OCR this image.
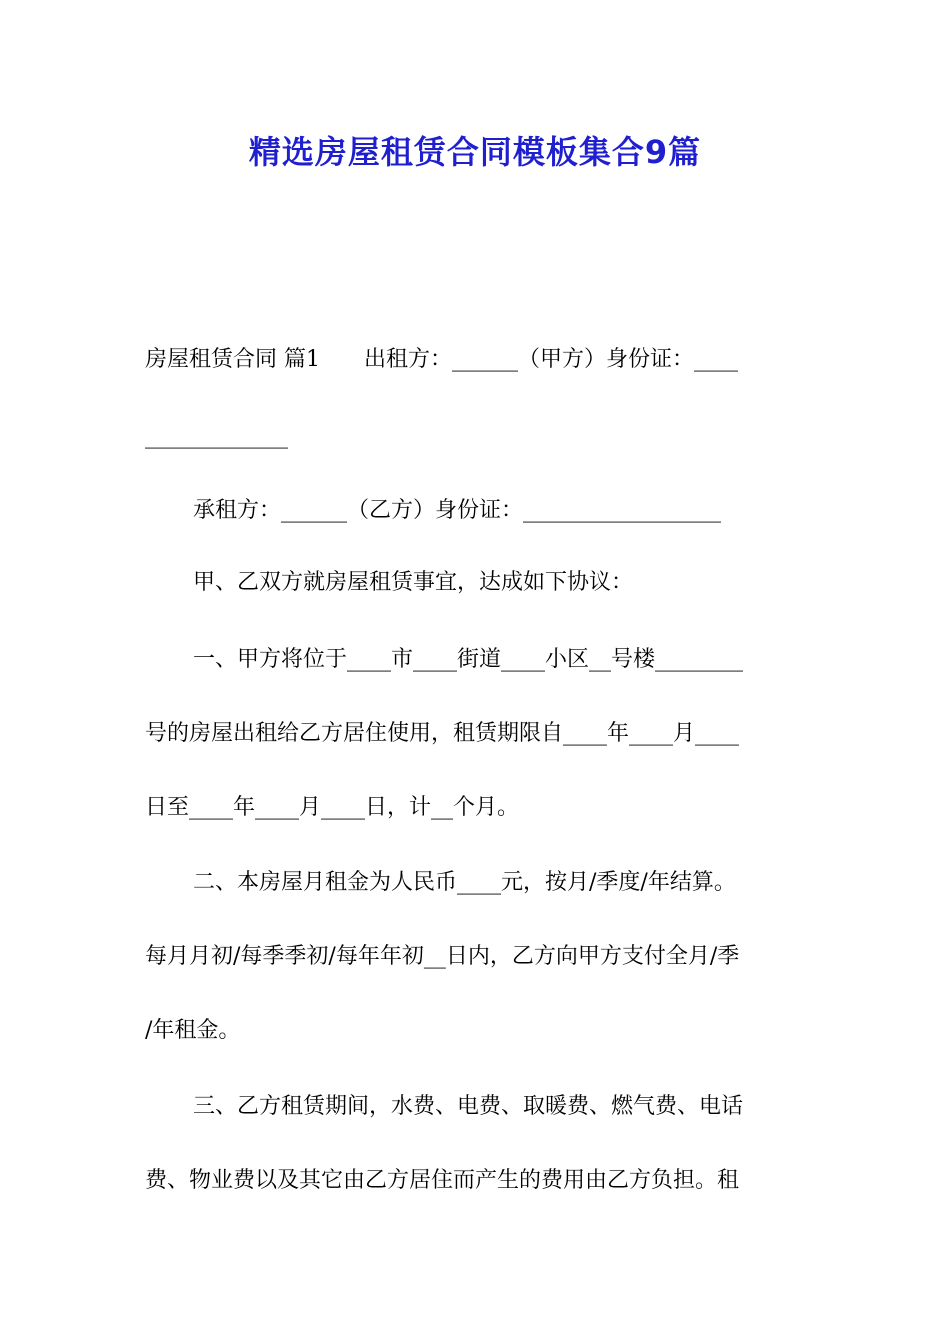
精选房屋租赁合同模板集合9篇

房屋租赁合同 篇1 出租方：______（甲方）身份证：____

_____________

承租方：______（乙方）身份证：__________________

甲、乙双方就房屋租赁事宜，达成如下协议：

一、甲方将位于____市____街道____小区__号楼________

号的房屋出租给乙方居住使用，租赁期限自____年____月____

日至____年____月____日，计__个月。

二、本房屋月租金为人民币____元，按月/季度/年结算。

每月月初/每季季初/每年年初__日内，乙方向甲方支付全月/季

/年租金。

三、乙方租赁期间，水费、电费、取暖费、燃气费、电话

费、物业费以及其它由乙方居住而产生的费用由乙方负担。租
